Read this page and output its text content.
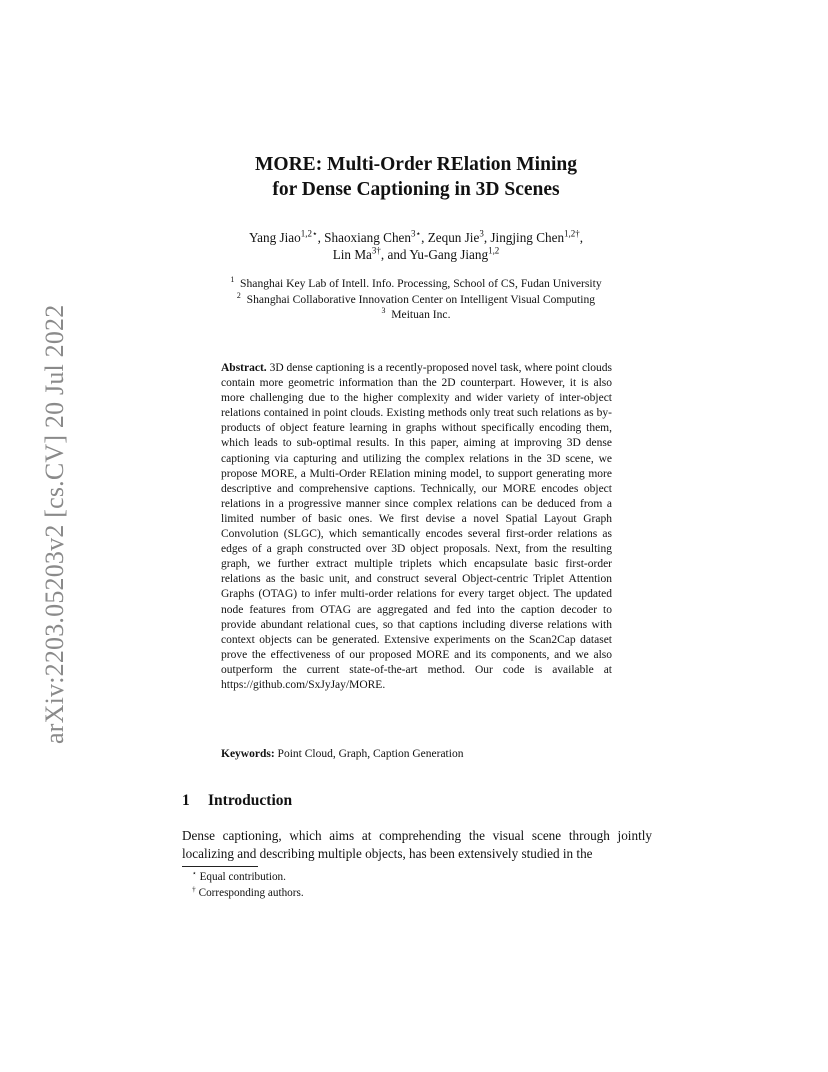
arXiv:2203.05203v2 [cs.CV] 20 Jul 2022
MORE: Multi-Order RElation Mining
for Dense Captioning in 3D Scenes
Yang Jiao$^{1,2⋆}$, Shaoxiang Chen$^{3⋆}$, Zequn Jie$^3$, Jingjing Chen$^{1,2\dagger}$,
Lin $Ma^{3\dagger}$, and Yu-Gang Jiang$^{1,2}$
$^1$ Shanghai Key Lab of Intell. Info. Processing, School of CS, Fudan University
$^2$ Shanghai Collaborative Innovation Center on Intelligent Visual Computing
$^3$ Meituan Inc.

Abstract. 3D dense captioning is a recently-proposed novel task, where point clouds contain more geometric information than the 2D counterpart. However, it is also more challenging due to the higher complexity and wider variety of inter-object relations contained in point clouds. Existing methods only treat such relations as by-products of object feature learning in graphs without specifically encoding them, which leads to sub-optimal results. In this paper, aiming at improving 3D dense captioning via capturing and utilizing the complex relations in the 3D scene, we propose MORE, a Multi-Order RElation mining model, to support generating more descriptive and comprehensive captions. Technically, our MORE encodes object relations in a progressive manner since complex relations can be deduced from a limited number of basic ones. We first devise a novel Spatial Layout Graph Convolution (SLGC), which semantically encodes several first-order relations as edges of a graph constructed over 3D object proposals. Next, from the resulting graph, we further extract multiple triplets which encapsulate basic first-order relations as the basic unit, and construct several Object-centric Triplet Attention Graphs (OTAG) to infer multi-order relations for every target object. The updated node features from OTAG are aggregated and fed into the caption decoder to provide abundant relational cues, so that captions including diverse relations with context objects can be generated. Extensive experiments on the Scan2Cap dataset prove the effectiveness of our proposed MORE and its components, and we also outperform the current state-of-the-art method. Our code is available at https://github.com/SxJyJay/MORE.

Keywords: Point Cloud, Graph, Caption Generation
1 Introduction

Dense captioning, which aims at comprehending the visual scene through jointly localizing and describing multiple objects, has been extensively studied in the

⋆ Equal contribution.
† Corresponding authors.
